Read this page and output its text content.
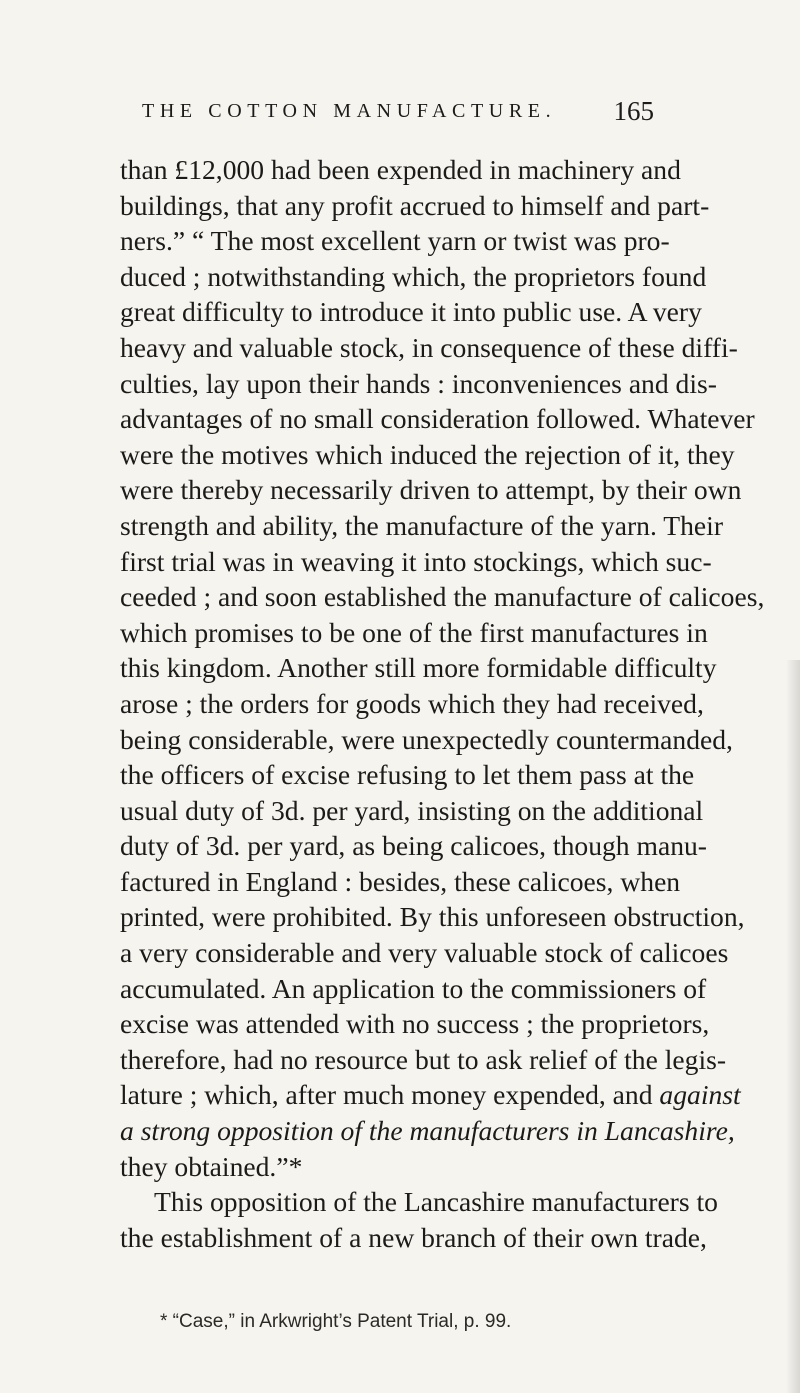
THE COTTON MANUFACTURE. 165
than £12,000 had been expended in machinery and
buildings, that any profit accrued to himself and part-
ners.” “ The most excellent yarn or twist was pro-
duced ; notwithstanding which, the proprietors found
great difficulty to introduce it into public use. A very
heavy and valuable stock, in consequence of these diffi-
culties, lay upon their hands : inconveniences and dis-
advantages of no small consideration followed. Whatever
were the motives which induced the rejection of it, they
were thereby necessarily driven to attempt, by their own
strength and ability, the manufacture of the yarn. Their
first trial was in weaving it into stockings, which suc-
ceeded ; and soon established the manufacture of calicoes,
which promises to be one of the first manufactures in
this kingdom. Another still more formidable difficulty
arose ; the orders for goods which they had received,
being considerable, were unexpectedly countermanded,
the officers of excise refusing to let them pass at the
usual duty of 3d. per yard, insisting on the additional
duty of 3d. per yard, as being calicoes, though manu-
factured in England : besides, these calicoes, when
printed, were prohibited. By this unforeseen obstruction,
a very considerable and very valuable stock of calicoes
accumulated. An application to the commissioners of
excise was attended with no success ; the proprietors,
therefore, had no resource but to ask relief of the legis-
lature ; which, after much money expended, and against
a strong opposition of the manufacturers in Lancashire,
they obtained.”*
This opposition of the Lancashire manufacturers to
the establishment of a new branch of their own trade,
* “Case,” in Arkwright’s Patent Trial, p. 99.
